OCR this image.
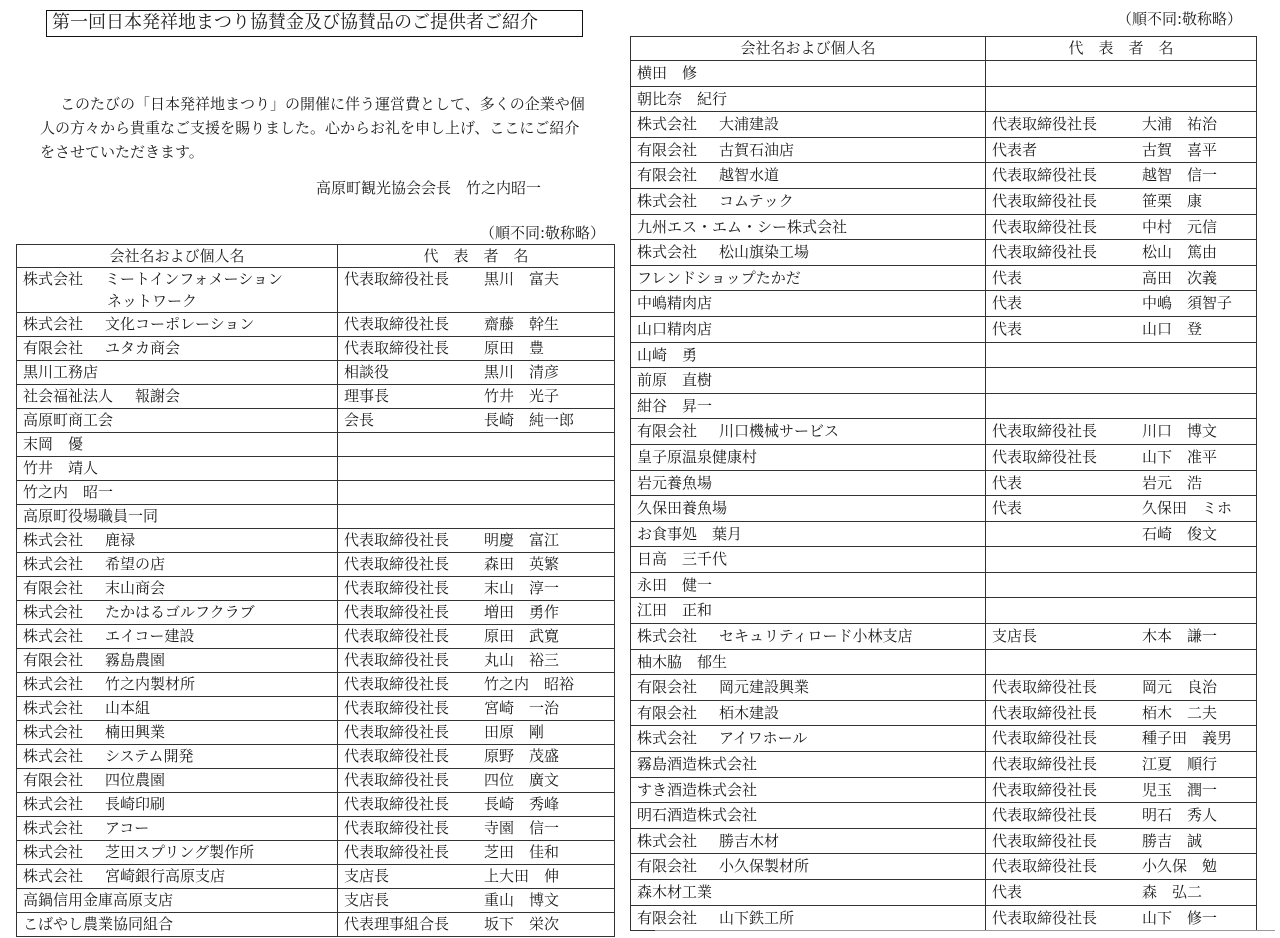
第一回日本発祥地まつり協賛金及び協賛品のご提供者ご紹介	（順不同:敬称略）

このたびの「日本発祥地まつり」の開催に伴う運営費として、多くの企業や個人の方々から貴重なご支援を賜りました。心からお礼を申し上げ、ここにご紹介をさせていただきます。

高原町観光協会会長　竹之内昭一
（順不同:敬称略）
会社名および個人名	代　表　者　名
株式会社 ミートインフォメーション
ネットワーク	代表取締役社長 黒川　富夫
株式会社 文化コーポレーション	代表取締役社長 齋藤　幹生
有限会社 ユタカ商会	代表取締役社長 原田　豊
黒川工務店	相談役 黒川　清彦
社会福祉法人 報謝会	理事長 竹井　光子
高原町商工会	会長 長崎　純一郎
末岡　優	
竹井　靖人	
竹之内　昭一	
高原町役場職員一同	
株式会社 鹿禄	代表取締役社長 明慶　富江
株式会社 希望の店	代表取締役社長 森田　英繁
有限会社 末山商会	代表取締役社長 末山　淳一
株式会社 たかはるゴルフクラブ	代表取締役社長 増田　勇作
株式会社 エイコー建設	代表取締役社長 原田　武寛
有限会社 霧島農園	代表取締役社長 丸山　裕三
株式会社 竹之内製材所	代表取締役社長 竹之内　昭裕
株式会社 山本組	代表取締役社長 宮崎　一治
株式会社 楠田興業	代表取締役社長 田原　剛
株式会社 システム開発	代表取締役社長 原野　茂盛
有限会社 四位農園	代表取締役社長 四位　廣文
株式会社 長崎印刷	代表取締役社長 長崎　秀峰
株式会社 アコー	代表取締役社長 寺園　信一
株式会社 芝田スプリング製作所	代表取締役社長 芝田　佳和
株式会社 宮崎銀行高原支店	支店長 上大田　伸
高鍋信用金庫高原支店	支店長 重山　博文
こばやし農業協同組合	代表理事組合長 坂下　栄次
会社名および個人名	代　表　者　名
横田　修	
朝比奈　紀行	
株式会社 大浦建設	代表取締役社長 大浦　祐治
有限会社 古賀石油店	代表者 古賀　喜平
有限会社 越智水道	代表取締役社長 越智　信一
株式会社 コムテック	代表取締役社長 笹栗　康
九州エス・エム・シー株式会社	代表取締役社長 中村　元信
株式会社 松山旗染工場	代表取締役社長 松山　篤由
フレンドショップたかだ	代表 高田　次義
中嶋精肉店	代表 中嶋　須智子
山口精肉店	代表 山口　登
山崎　勇	
前原　直樹	
紺谷　昇一	
有限会社 川口機械サービス	代表取締役社長 川口　博文
皇子原温泉健康村	代表取締役社長 山下　准平
岩元養魚場	代表 岩元　浩
久保田養魚場	代表 久保田　ミホ
お食事処　葉月	石崎　俊文
日高　三千代	
永田　健一	
江田　正和	
株式会社 セキュリティロード小林支店	支店長 木本　謙一
柚木脇　郁生	
有限会社 岡元建設興業	代表取締役社長 岡元　良治
有限会社 栢木建設	代表取締役社長 栢木　二夫
株式会社 アイワホール	代表取締役社長 種子田　義男
霧島酒造株式会社	代表取締役社長 江夏　順行
すき酒造株式会社	代表取締役社長 児玉　潤一
明石酒造株式会社	代表取締役社長 明石　秀人
株式会社 勝吉木材	代表取締役社長 勝吉　誠
有限会社 小久保製材所	代表取締役社長 小久保　勉
森木材工業	代表 森　弘二
有限会社 山下鉄工所	代表取締役社長 山下　修一
